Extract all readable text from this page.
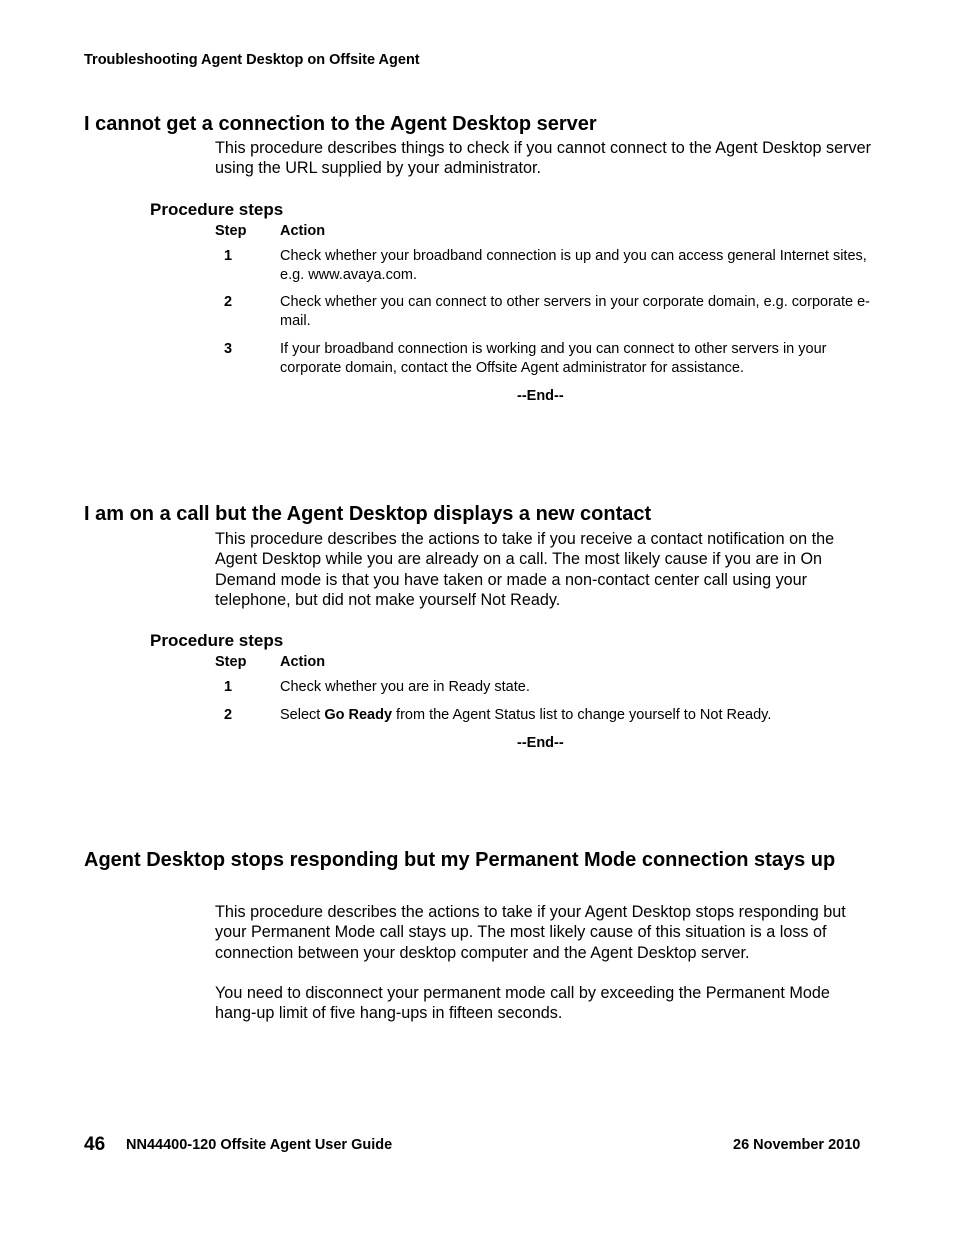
Troubleshooting Agent Desktop on Offsite Agent
I cannot get a connection to the Agent Desktop server
This procedure describes things to check if you cannot connect to the Agent Desktop server using the URL supplied by your administrator.
Procedure steps
Step Action
1	Check whether your broadband connection is up and you can access general Internet sites, e.g. www.avaya.com.
2	Check whether you can connect to other servers in your corporate domain, e.g. corporate e-mail.
3	If your broadband connection is working and you can connect to other servers in your corporate domain, contact the Offsite Agent administrator for assistance.
--End--
I am on a call but the Agent Desktop displays a new contact
This procedure describes the actions to take if you receive a contact notification on the Agent Desktop while you are already on a call. The most likely cause if you are in On Demand mode is that you have taken or made a non-contact center call using your telephone, but did not make yourself Not Ready.
Procedure steps
Step Action
1	Check whether you are in Ready state.
2	Select Go Ready from the Agent Status list to change yourself to Not Ready.
--End--
Agent Desktop stops responding but my Permanent Mode connection stays up
This procedure describes the actions to take if your Agent Desktop stops responding but your Permanent Mode call stays up. The most likely cause of this situation is a loss of connection between your desktop computer and the Agent Desktop server.
You need to disconnect your permanent mode call by exceeding the Permanent Mode hang-up limit of five hang-ups in fifteen seconds.
46 NN44400-120 Offsite Agent User Guide	26 November 2010
